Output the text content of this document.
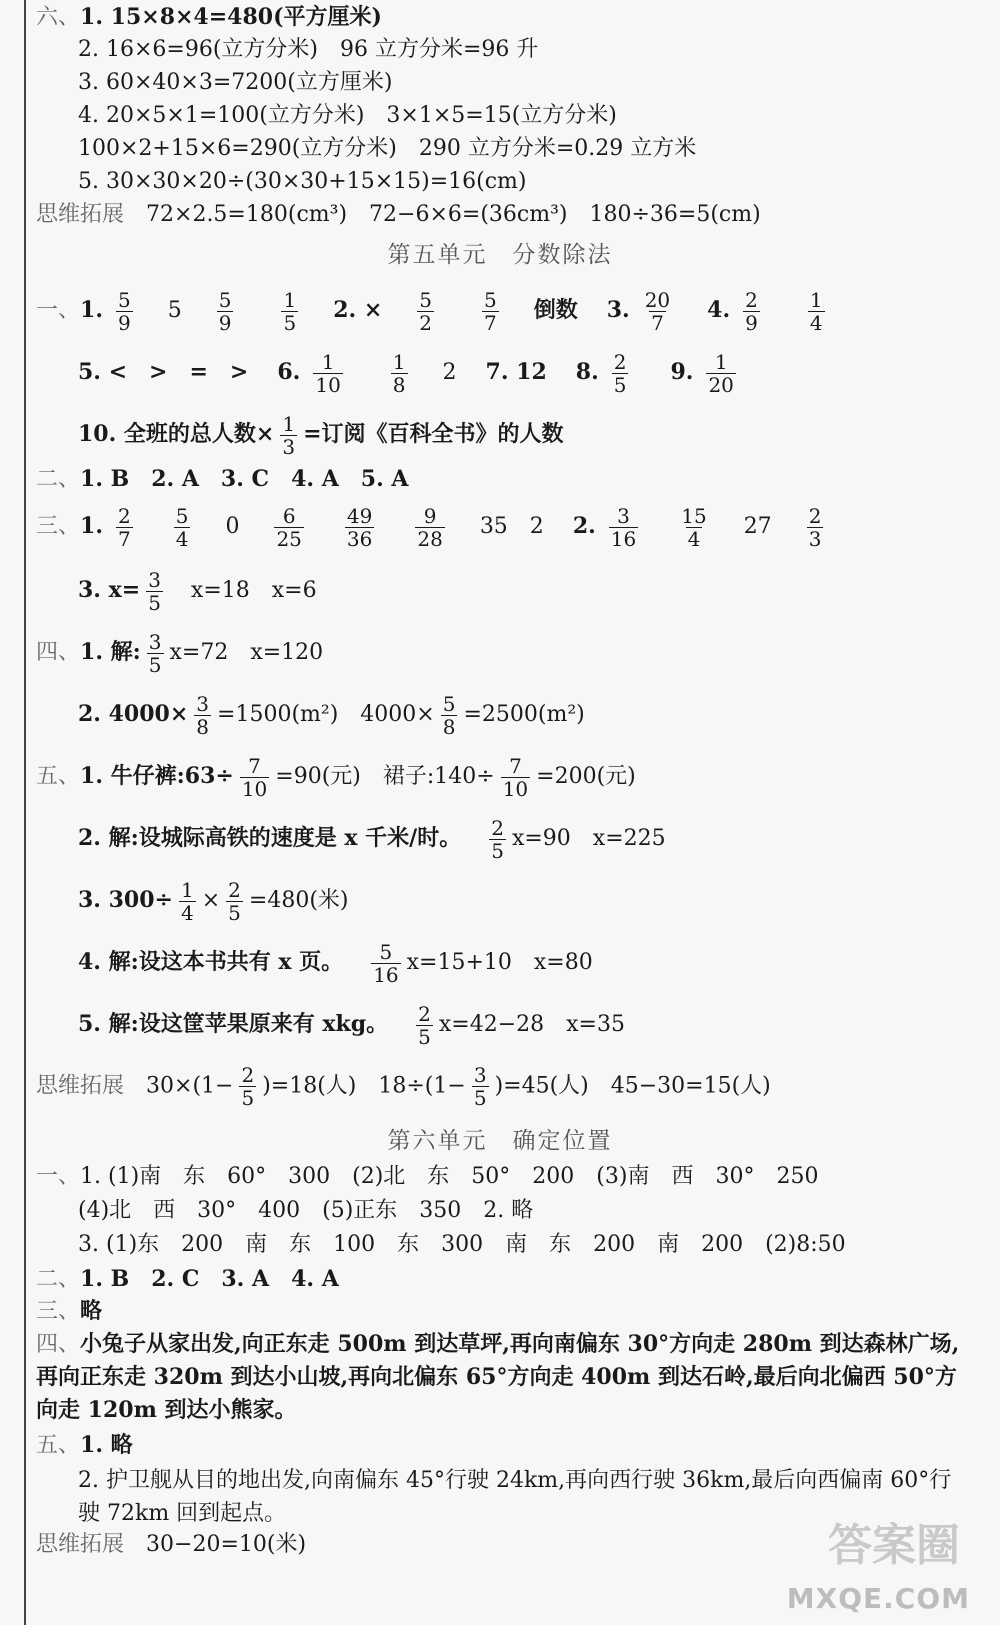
六、1. 15×8×4=480(平方厘米)
2. 16×6=96(立方分米)　96 立方分米=96 升
3. 60×40×3=7200(立方厘米)
4. 20×5×1=100(立方分米)　3×1×5=15(立方分米)
100×2+15×6=290(立方分米)　290 立方分米=0.29 立方米
5. 30×30×20÷(30×30+15×15)=16(cm)
思维拓展 72×2.5=180(cm³)　72−6×6=(36cm³)　180÷36=5(cm)
第五单元　分数除法
一、1. $\frac{5}{9} 5 \frac{5}{9}$
$\frac{1}{5} 2$. × $\frac{5}{2}$
$\frac{5}{7}$ 倒数 3. $\frac{20}{7} 4$. $\frac{2}{9}$
$\frac{1}{4}$
5. <　>　=　> 6. $\frac{1}{10}$
$\frac{1}{8} 2$ 7. 12 8. $\frac{2}{5} 9$. $\frac{1}{20}$
10. 全班的总人数× $\frac{1}{3}$ =订阅《百科全书》的人数
二、1. B　2. A　3. C　4. A　5. A
三、1. $\frac{2}{7}$
$\frac{5}{4} 0 \frac{6}{25}$
$\frac{49}{36}$
$\frac{9}{28} 35$　2 2. $\frac{3}{16}$
$\frac{15}{4} 27 \frac{2}{3}$
3. $x= \frac{3}{5} x=18$　x=6
四、1. 解: $\frac{3}{5} x=72$　x=120
2. $4000\times \frac{3}{8} =1500(m^2)$　$4000\times \frac{5}{8} =2500(m^2)$
五、1. 牛仔裤:63÷ $\frac{7}{10} =90$(元)　裙子:140÷ $\frac{7}{10} =200$(元)
2. 解:设城际高铁的速度是 x 千米/时。 $\frac{2}{5} x=90$　x=225
3. $300\div \frac{1}{4} \times \frac{2}{5} =480$(米)
4. 解:设这本书共有 x 页。 $\frac{5}{16} x=15+10$　x=80
5. 解:设这筐苹果原来有 xkg。 $\frac{2}{5} x=42-28$　x=35
思维拓展 $30\times(1- \frac{2}{5} )=18$(人)　$18\div(1- \frac{3}{5} )=45$(人)　45−30=15(人)
第六单元　确定位置
一、1. (1)南　东　60°　300　(2)北　东　50°　200　(3)南　西　30°　250
(4)北　西　30°　400　(5)正东　350　2. 略
3. (1)东　200　南　东　100　东　300　南　东　200　南　200　(2)8:50
二、1. B　2. C　3. A　4. A
三、略
四、小兔子从家出发,向正东走 500m 到达草坪,再向南偏东 30°方向走 280m 到达森林广场,再向正东走 320m 到达小山坡,再向北偏东 65°方向走 400m 到达石岭,最后向北偏西 50°方向走 120m 到达小熊家。
五、1. 略
2. 护卫舰从目的地出发,向南偏东 45°行驶 24km,再向西行驶 36km,最后向西偏南 60°行驶 72km 回到起点。
思维拓展 30−20=10(米)	答案圈
MXQE.COM
